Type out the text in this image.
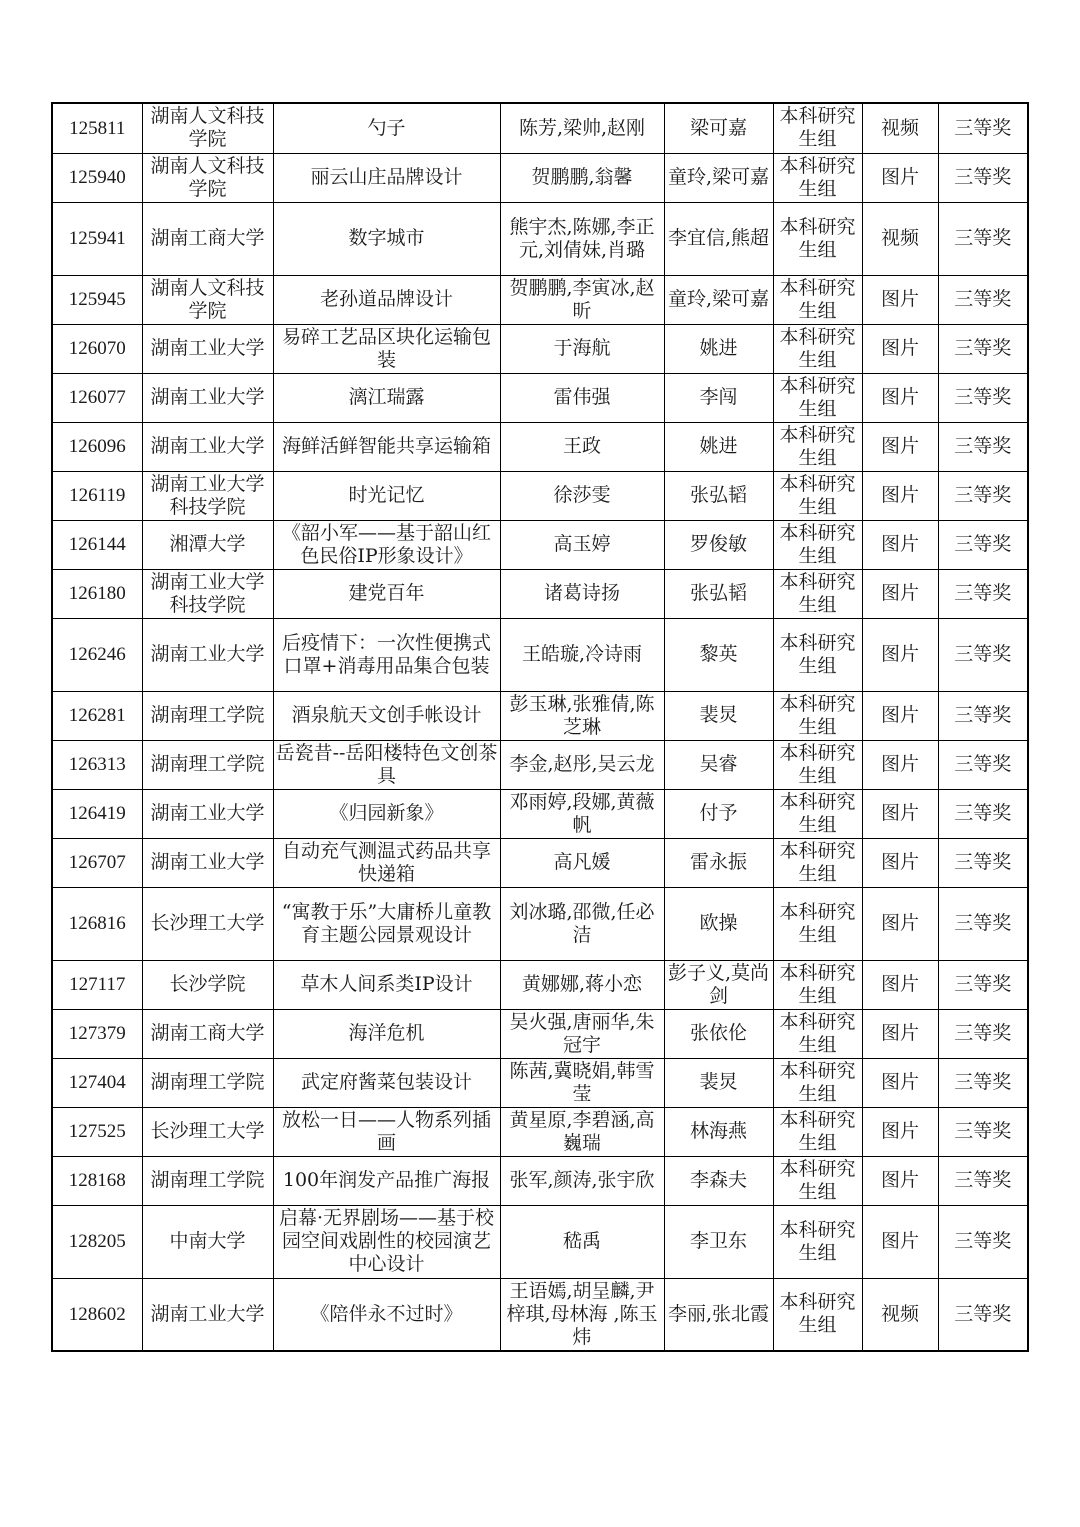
125811	湖南人文科技学院	勺子	陈芳,梁帅,赵刚	梁可嘉	本科研究生组	视频	三等奖
125940	湖南人文科技学院	丽云山庄品牌设计	贺鹏鹏,翁馨	童玲,梁可嘉	本科研究生组	图片	三等奖
125941	湖南工商大学	数字城市	熊宇杰,陈娜,李正元,刘倩妹,肖璐	李宜信,熊超	本科研究生组	视频	三等奖
125945	湖南人文科技学院	老孙道品牌设计	贺鹏鹏,李寅冰,赵昕	童玲,梁可嘉	本科研究生组	图片	三等奖
126070	湖南工业大学	易碎工艺品区块化运输包装	于海航	姚进	本科研究生组	图片	三等奖
126077	湖南工业大学	漓江瑞露	雷伟强	李闯	本科研究生组	图片	三等奖
126096	湖南工业大学	海鲜活鲜智能共享运输箱	王政	姚进	本科研究生组	图片	三等奖
126119	湖南工业大学科技学院	时光记忆	徐莎雯	张弘韬	本科研究生组	图片	三等奖
126144	湘潭大学	《韶小军——基于韶山红色民俗IP形象设计》	高玉婷	罗俊敏	本科研究生组	图片	三等奖
126180	湖南工业大学科技学院	建党百年	诸葛诗扬	张弘韬	本科研究生组	图片	三等奖
126246	湖南工业大学	后疫情下：一次性便携式口罩+消毒用品集合包装	王皓璇,冷诗雨	黎英	本科研究生组	图片	三等奖
126281	湖南理工学院	酒泉航天文创手帐设计	彭玉琳,张雅倩,陈芝琳	裴炅	本科研究生组	图片	三等奖
126313	湖南理工学院	岳瓷昔--岳阳楼特色文创茶具	李金,赵彤,吴云龙	吴睿	本科研究生组	图片	三等奖
126419	湖南工业大学	《归园新象》	邓雨婷,段娜,黄薇帆	付予	本科研究生组	图片	三等奖
126707	湖南工业大学	自动充气测温式药品共享快递箱	高凡媛	雷永振	本科研究生组	图片	三等奖
126816	长沙理工大学	“寓教于乐”大庸桥儿童教育主题公园景观设计	刘冰璐,邵微,任必洁	欧操	本科研究生组	图片	三等奖
127117	长沙学院	草木人间系类IP设计	黄娜娜,蒋小恋	彭子义,莫尚剑	本科研究生组	图片	三等奖
127379	湖南工商大学	海洋危机	吴火强,唐丽华,朱冠宇	张依伦	本科研究生组	图片	三等奖
127404	湖南理工学院	武定府酱菜包装设计	陈茜,冀晓娟,韩雪莹	裴炅	本科研究生组	图片	三等奖
127525	长沙理工大学	放松一日——人物系列插画	黄星原,李碧涵,高巍瑞	林海燕	本科研究生组	图片	三等奖
128168	湖南理工学院	100年润发产品推广海报	张军,颜涛,张宇欣	李森夫	本科研究生组	图片	三等奖
128205	中南大学	启幕·无界剧场——基于校园空间戏剧性的校园演艺中心设计	嵇禹	李卫东	本科研究生组	图片	三等奖
128602	湖南工业大学	《陪伴永不过时》	王语嫣,胡呈麟,尹梓琪,母林海 ,陈玉炜	李丽,张北霞	本科研究生组	视频	三等奖
